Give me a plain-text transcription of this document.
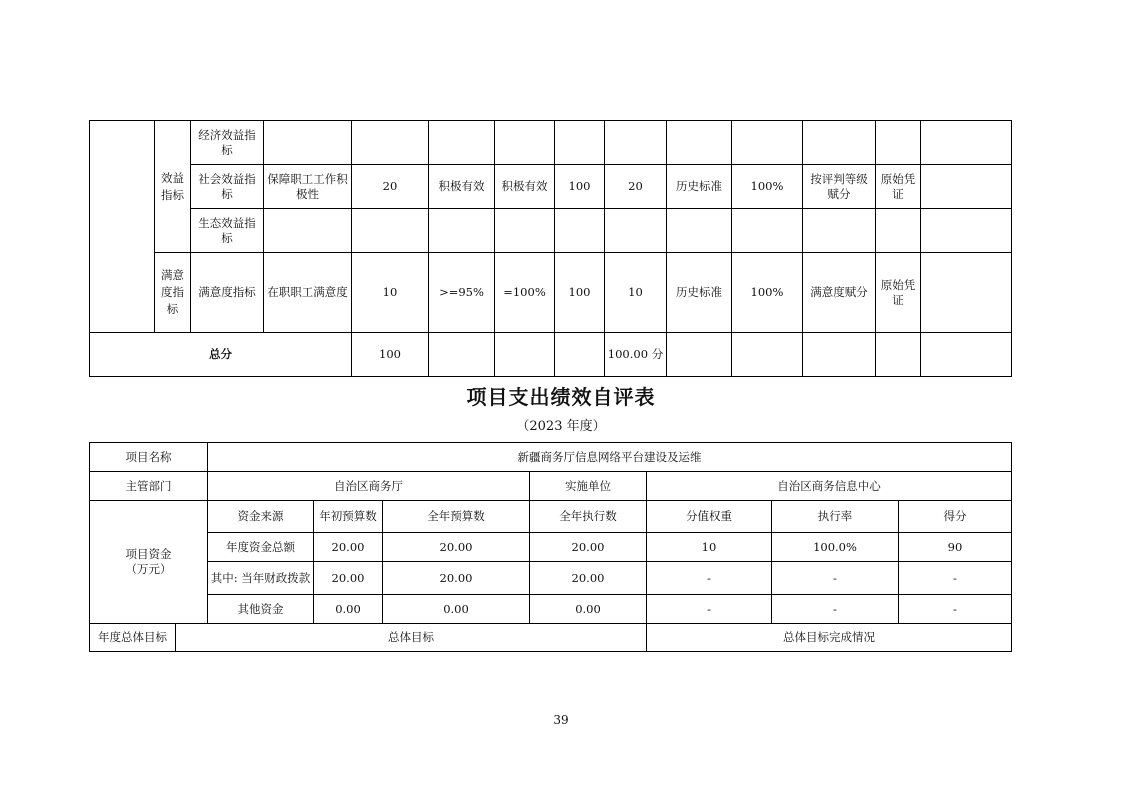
	效益指标	经济效益指标											
		社会效益指标	保障职工工作积极性	20	积极有效	积极有效	100	20	历史标准	100%	按评判等级赋分	原始凭证	
		生态效益指标											
	满意度指标	满意度指标	在职职工满意度	10	>=95%	=100%	100	10	历史标准	100%	满意度赋分	原始凭证	
总分				100				100.00 分					
项目支出绩效自评表
（2023 年度）
项目名称		新疆商务厅信息网络平台建设及运维						
主管部门		自治区商务厅			实施单位	自治区商务信息中心		
项目资金
（万元）		资金来源	年初预算数	全年预算数	全年执行数	分值权重	执行率	得分
		年度资金总额	20.00	20.00	20.00	10	100.0%	90
		其中: 当年财政拨款	20.00	20.00	20.00	-	-	-
		其他资金	0.00	0.00	0.00	-	-	-
年度总体目标	总体目标					总体目标完成情况		
39
